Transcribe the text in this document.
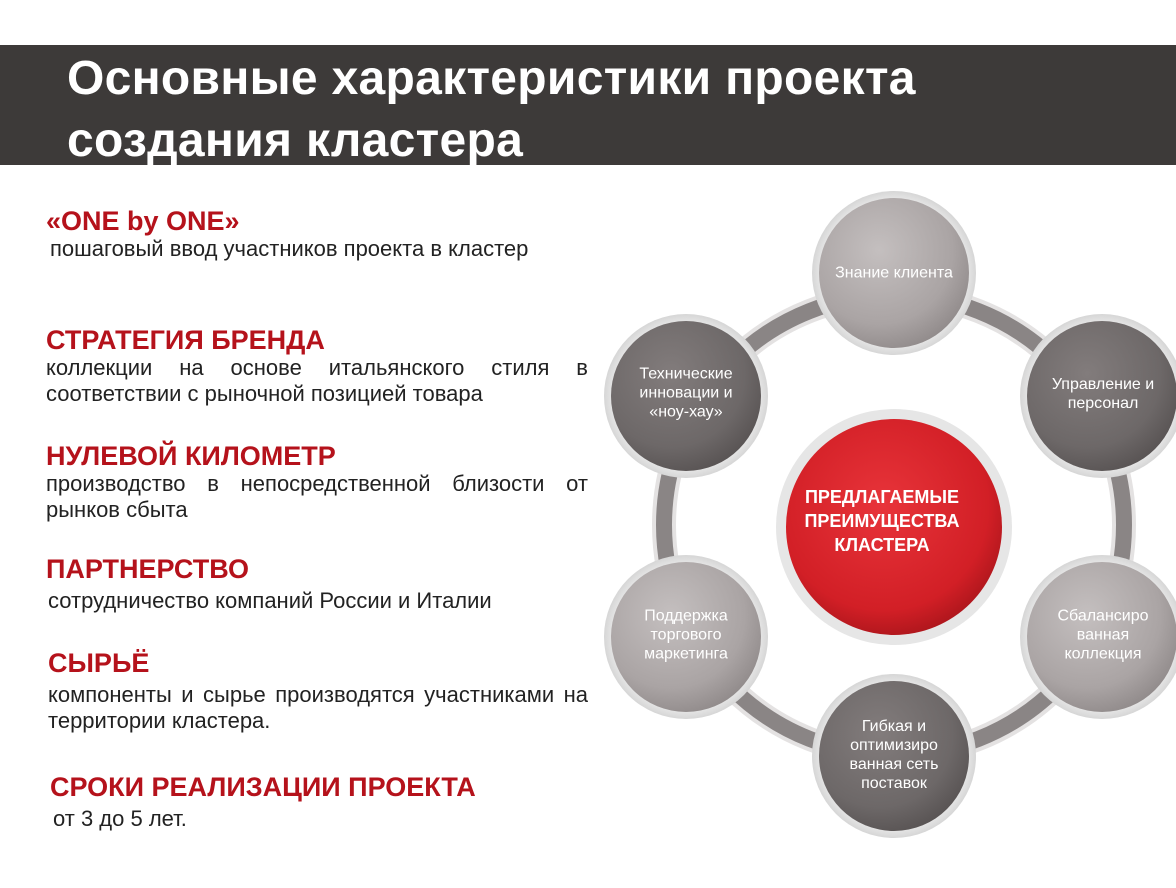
Основные характеристики проекта создания кластера
«ONE by ONE»
пошаговый ввод участников проекта в кластер
СТРАТЕГИЯ БРЕНДА
коллекции на основе итальянского стиля в соответствии с рыночной позицией товара
НУЛЕВОЙ КИЛОМЕТР
производство в непосредственной близости от рынков сбыта
ПАРТНЕРСТВО
сотрудничество компаний России и Италии
СЫРЬЁ
компоненты и сырье производятся участниками на территории кластера.
СРОКИ РЕАЛИЗАЦИИ ПРОЕКТА
от 3 до 5 лет.
ПРЕДЛАГАЕМЫЕ ПРЕИМУЩЕСТВА КЛАСТЕРА
Знание клиента
Управление и персонал
Сбалансиро ванная коллекция
Гибкая и оптимизиро ванная сеть поставок
Поддержка торгового маркетинга
Технические инновации и «ноу-хау»
